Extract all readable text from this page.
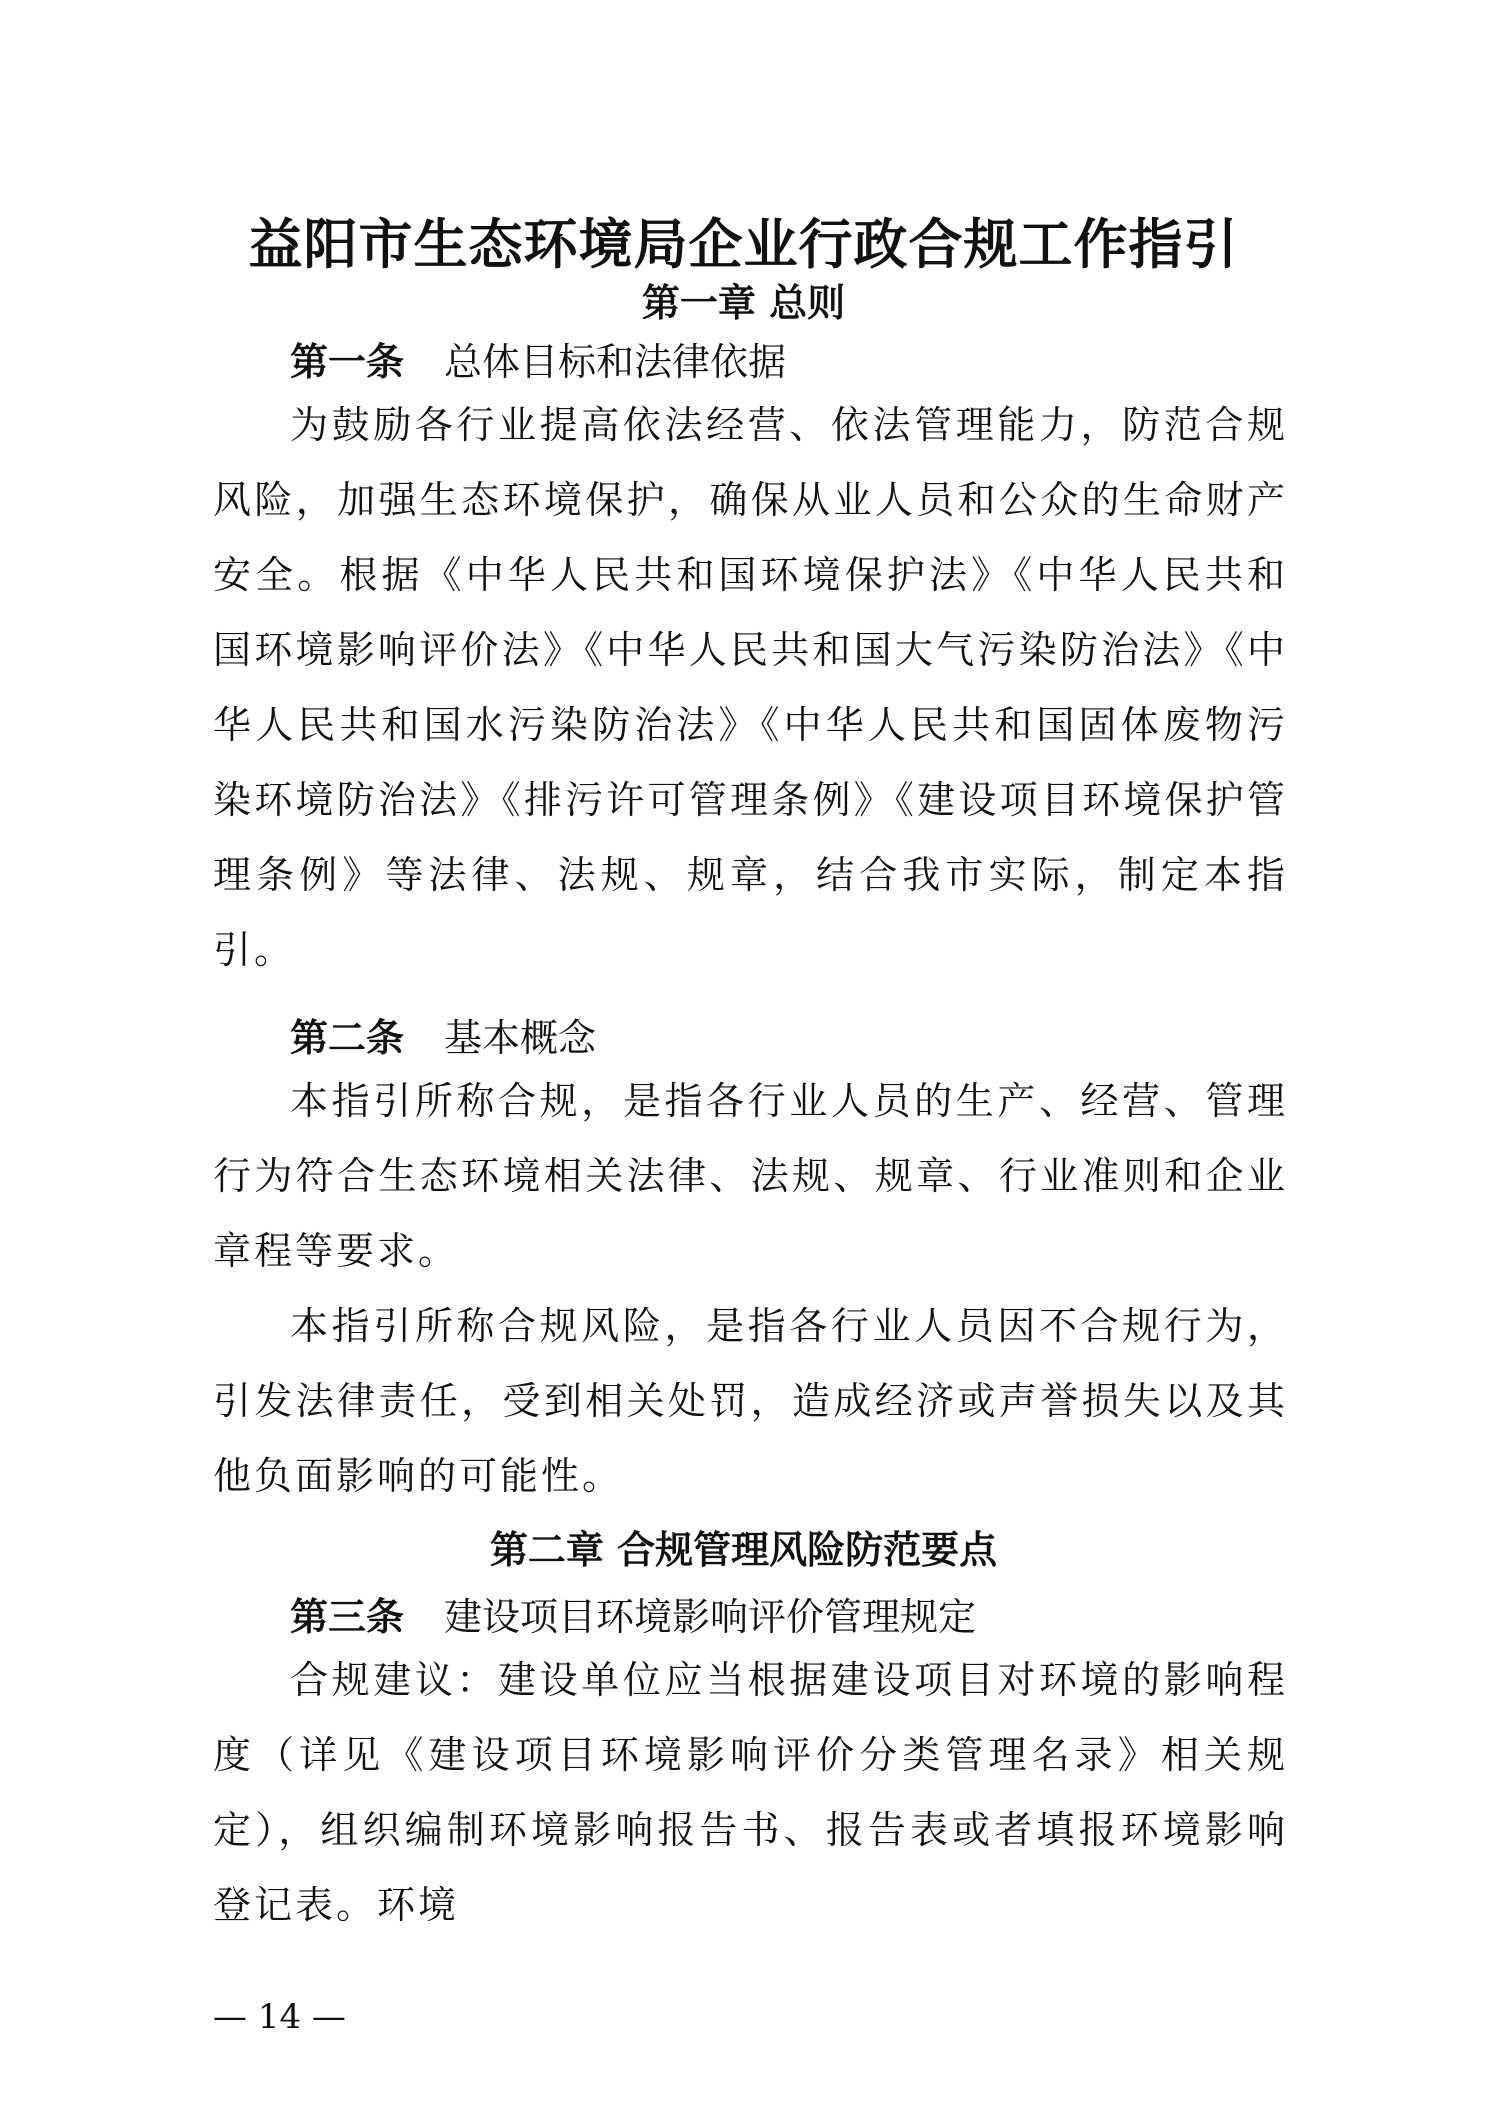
益阳市生态环境局企业行政合规工作指引
第一章 总则
第一条 总体目标和法律依据

为鼓励各行业提高依法经营、依法管理能力，防范合规风险，加强生态环境保护，确保从业人员和公众的生命财产安全。根据《中华人民共和国环境保护法》《中华人民共和国环境影响评价法》《中华人民共和国大气污染防治法》《中华人民共和国水污染防治法》《中华人民共和国固体废物污染环境防治法》《排污许可管理条例》《建设项目环境保护管理条例》等法律、法规、规章，结合我市实际，制定本指引。

第二条 基本概念

本指引所称合规，是指各行业人员的生产、经营、管理行为符合生态环境相关法律、法规、规章、行业准则和企业章程等要求。

本指引所称合规风险，是指各行业人员因不合规行为，引发法律责任，受到相关处罚，造成经济或声誉损失以及其他负面影响的可能性。

第二章 合规管理风险防范要点
第三条 建设项目环境影响评价管理规定

合规建议：建设单位应当根据建设项目对环境的影响程度（详见《建设项目环境影响评价分类管理名录》相关规定），组织编制环境影响报告书、报告表或者填报环境影响登记表。环境

— 14 —
